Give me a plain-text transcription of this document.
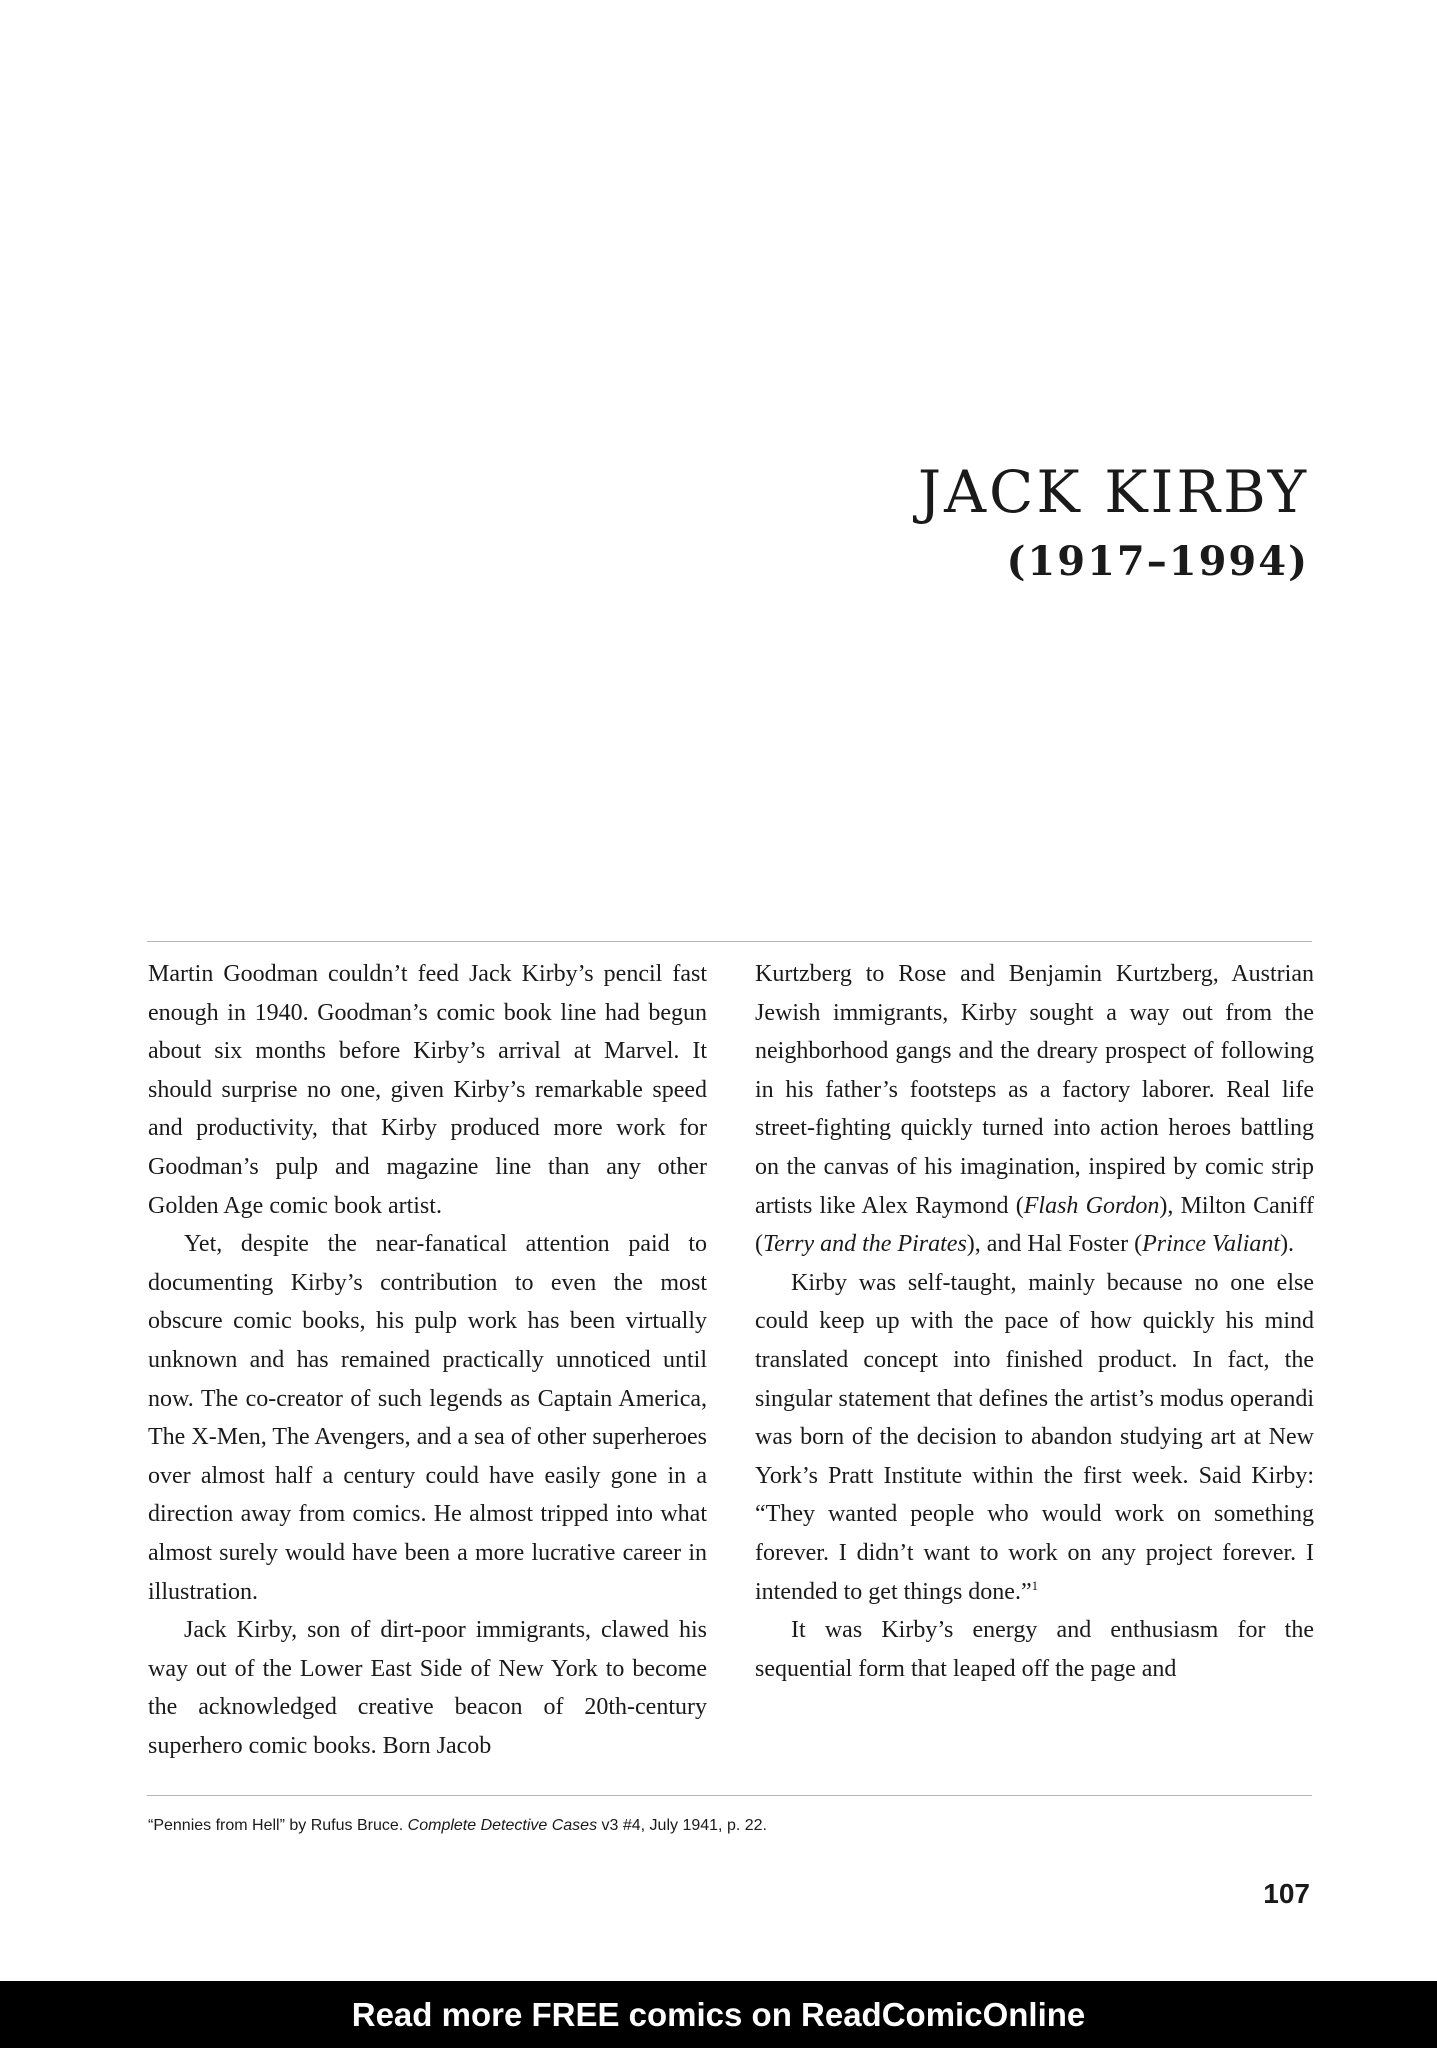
JACK KIRBY
(1917–1994)

Martin Goodman couldn’t feed Jack Kirby’s pencil fast enough in 1940. Goodman’s comic book line had begun about six months before Kirby’s arrival at Marvel. It should surprise no one, given Kirby’s remarkable speed and productivity, that Kirby produced more work for Goodman’s pulp and magazine line than any other Golden Age comic book artist.

Yet, despite the near-fanatical attention paid to documenting Kirby’s contribution to even the most obscure comic books, his pulp work has been virtually unknown and has remained practically unnoticed until now. The co-creator of such legends as Captain America, The X-Men, The Avengers, and a sea of other superheroes over almost half a century could have easily gone in a direction away from comics. He almost tripped into what almost surely would have been a more lucrative career in illustration.

Jack Kirby, son of dirt-poor immigrants, clawed his way out of the Lower East Side of New York to become the acknowledged creative beacon of 20th-century superhero comic books. Born Jacob

Kurtzberg to Rose and Benjamin Kurtzberg, Austrian Jewish immigrants, Kirby sought a way out from the neighborhood gangs and the dreary prospect of following in his father’s footsteps as a factory laborer. Real life street-fighting quickly turned into action heroes battling on the canvas of his imagination, inspired by comic strip artists like Alex Raymond (Flash Gordon), Milton Caniff (Terry and the Pirates), and Hal Foster (Prince Valiant).

Kirby was self-taught, mainly because no one else could keep up with the pace of how quickly his mind translated concept into finished product. In fact, the singular statement that defines the artist’s modus operandi was born of the decision to abandon studying art at New York’s Pratt Institute within the first week. Said Kirby: “They wanted people who would work on something forever. I didn’t want to work on any project forever. I intended to get things done.”$^1$

It was Kirby’s energy and enthusiasm for the sequential form that leaped off the page and

“Pennies from Hell” by Rufus Bruce. Complete Detective Cases v3 #4, July 1941, p. 22.

107

Read more FREE comics on ReadComicOnline
